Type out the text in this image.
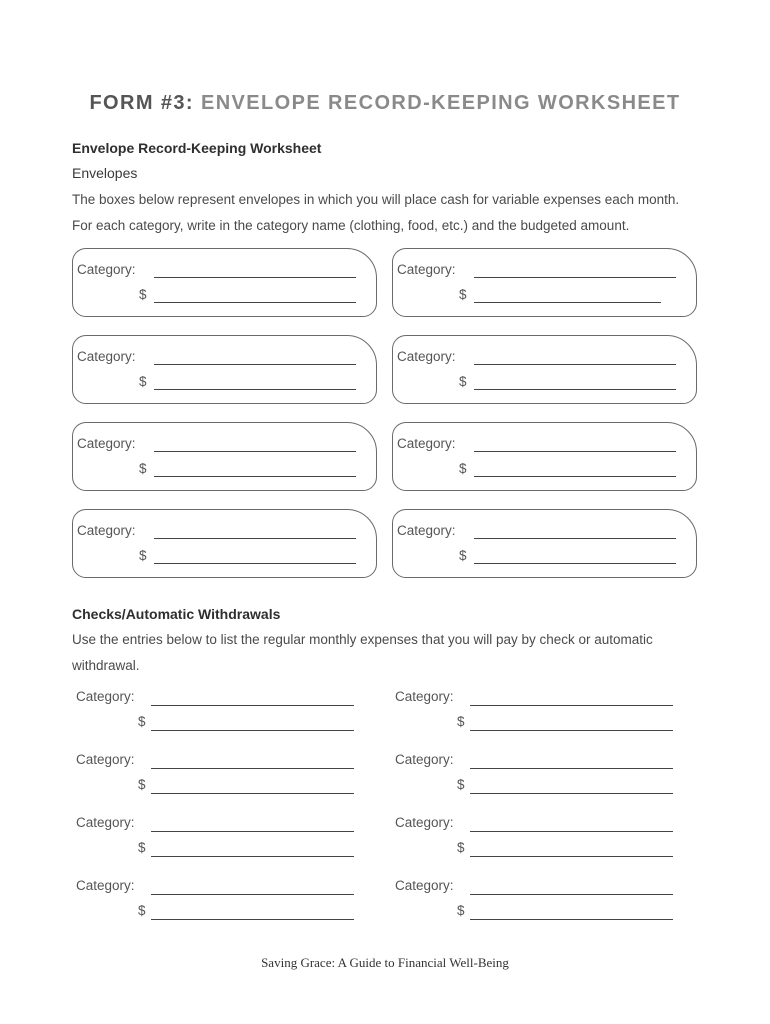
FORM #3: ENVELOPE RECORD-KEEPING WORKSHEET
Envelope Record-Keeping Worksheet
Envelopes
The boxes below represent envelopes in which you will place cash for variable expenses each month.
For each category, write in the category name (clothing, food, etc.) and the budgeted amount.
Category:
$
Category:
$
Category:
$
Category:
$
Category:
$
Category:
$
Category:
$
Category:
$
Checks/Automatic Withdrawals
Use the entries below to list the regular monthly expenses that you will pay by check or automatic
withdrawal.
Category:
$
Category:
$
Category:
$
Category:
$
Category:
$
Category:
$
Category:
$
Category:
$
Saving Grace: A Guide to Financial Well-Being
